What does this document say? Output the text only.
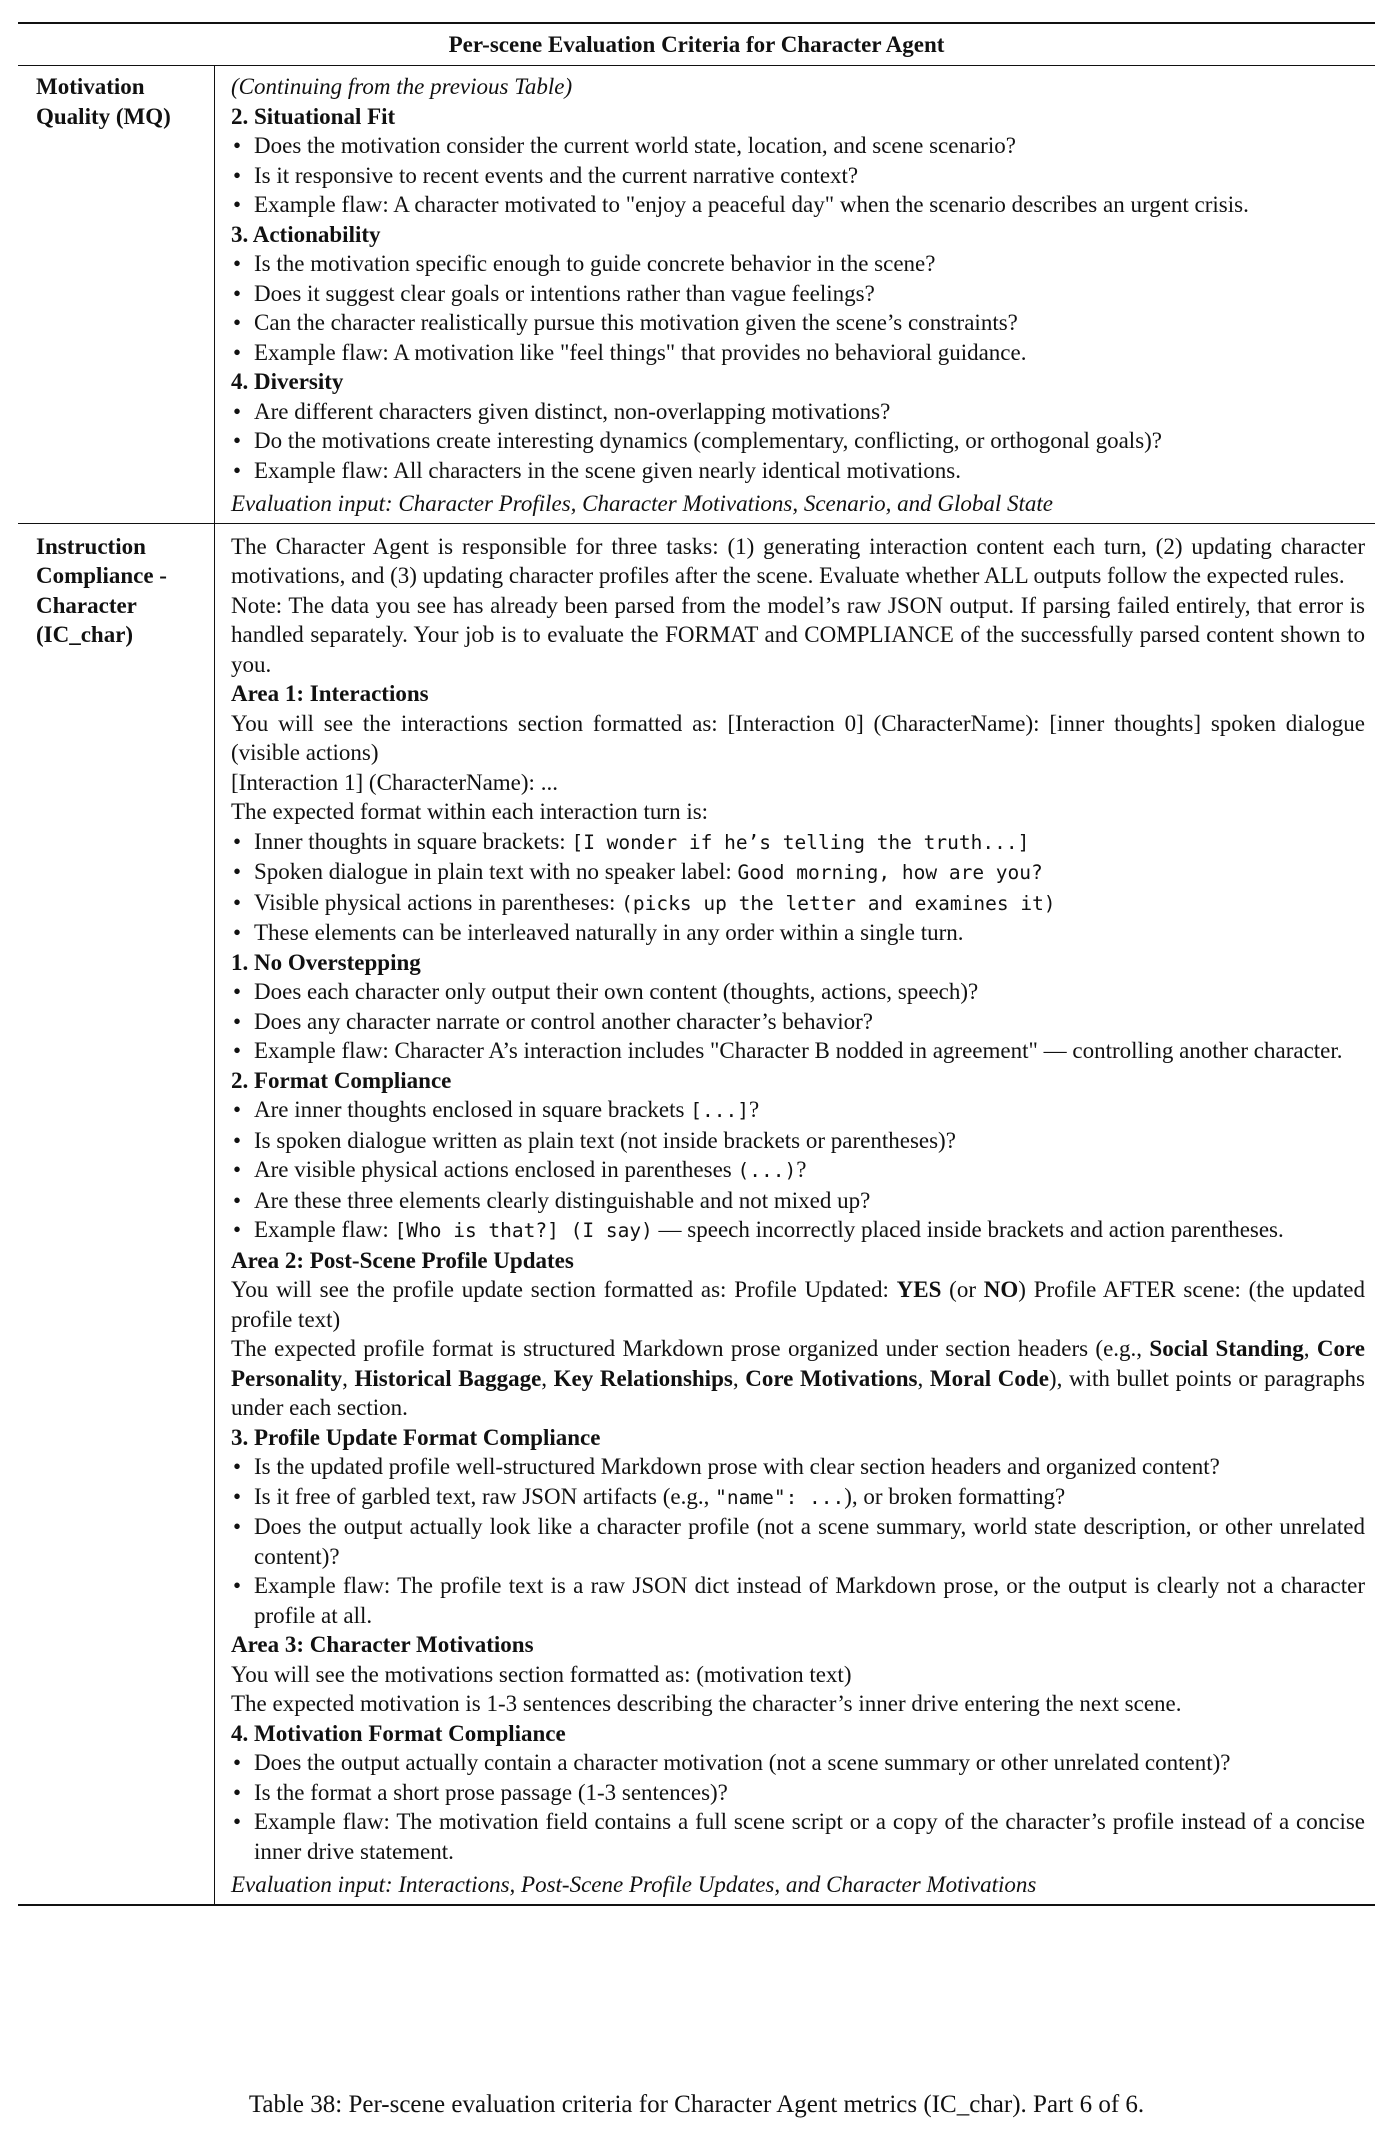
Per-scene Evaluation Criteria for Character Agent
Motivation
Quality (MQ)
(Continuing from the previous Table)
2. Situational Fit
• Does the motivation consider the current world state, location, and scene scenario?
• Is it responsive to recent events and the current narrative context?
• Example flaw: A character motivated to "enjoy a peaceful day" when the scenario describes an urgent crisis.
3. Actionability
• Is the motivation specific enough to guide concrete behavior in the scene?
• Does it suggest clear goals or intentions rather than vague feelings?
• Can the character realistically pursue this motivation given the scene’s constraints?
• Example flaw: A motivation like "feel things" that provides no behavioral guidance.
4. Diversity
• Are different characters given distinct, non-overlapping motivations?
• Do the motivations create interesting dynamics (complementary, conflicting, or orthogonal goals)?
• Example flaw: All characters in the scene given nearly identical motivations.
Evaluation input: Character Profiles, Character Motivations, Scenario, and Global State
Instruction
Compliance -
Character
(IC_char)
The Character Agent is responsible for three tasks: (1) generating interaction content each turn, (2) updating character motivations, and (3) updating character profiles after the scene. Evaluate whether ALL outputs follow the expected rules.
Note: The data you see has already been parsed from the model’s raw JSON output. If parsing failed entirely, that error is handled separately. Your job is to evaluate the FORMAT and COMPLIANCE of the successfully parsed content shown to you.
Area 1: Interactions
You will see the interactions section formatted as: [Interaction 0] (CharacterName): [inner thoughts] spoken dialogue (visible actions)
[Interaction 1] (CharacterName): ...
The expected format within each interaction turn is:
• Inner thoughts in square brackets: [I wonder if he’s telling the truth...]
• Spoken dialogue in plain text with no speaker label: Good morning, how are you?
• Visible physical actions in parentheses: (picks up the letter and examines it)
• These elements can be interleaved naturally in any order within a single turn.
1. No Overstepping
• Does each character only output their own content (thoughts, actions, speech)?
• Does any character narrate or control another character’s behavior?
• Example flaw: Character A’s interaction includes "Character B nodded in agreement" — controlling another character.
2. Format Compliance
• Are inner thoughts enclosed in square brackets [...]?
• Is spoken dialogue written as plain text (not inside brackets or parentheses)?
• Are visible physical actions enclosed in parentheses (...)?
• Are these three elements clearly distinguishable and not mixed up?
• Example flaw: [Who is that?] (I say) — speech incorrectly placed inside brackets and action parentheses.
Area 2: Post-Scene Profile Updates
You will see the profile update section formatted as: Profile Updated: YES (or NO) Profile AFTER scene: (the updated profile text)
The expected profile format is structured Markdown prose organized under section headers (e.g., Social Standing, Core Personality, Historical Baggage, Key Relationships, Core Motivations, Moral Code), with bullet points or paragraphs under each section.
3. Profile Update Format Compliance
• Is the updated profile well-structured Markdown prose with clear section headers and organized content?
• Is it free of garbled text, raw JSON artifacts (e.g., "name": ...), or broken formatting?
• Does the output actually look like a character profile (not a scene summary, world state description, or other unrelated content)?
• Example flaw: The profile text is a raw JSON dict instead of Markdown prose, or the output is clearly not a character profile at all.
Area 3: Character Motivations
You will see the motivations section formatted as: (motivation text)
The expected motivation is 1-3 sentences describing the character’s inner drive entering the next scene.
4. Motivation Format Compliance
• Does the output actually contain a character motivation (not a scene summary or other unrelated content)?
• Is the format a short prose passage (1-3 sentences)?
• Example flaw: The motivation field contains a full scene script or a copy of the character’s profile instead of a concise inner drive statement.
Evaluation input: Interactions, Post-Scene Profile Updates, and Character Motivations
Table 38: Per-scene evaluation criteria for Character Agent metrics (IC_char). Part 6 of 6.
